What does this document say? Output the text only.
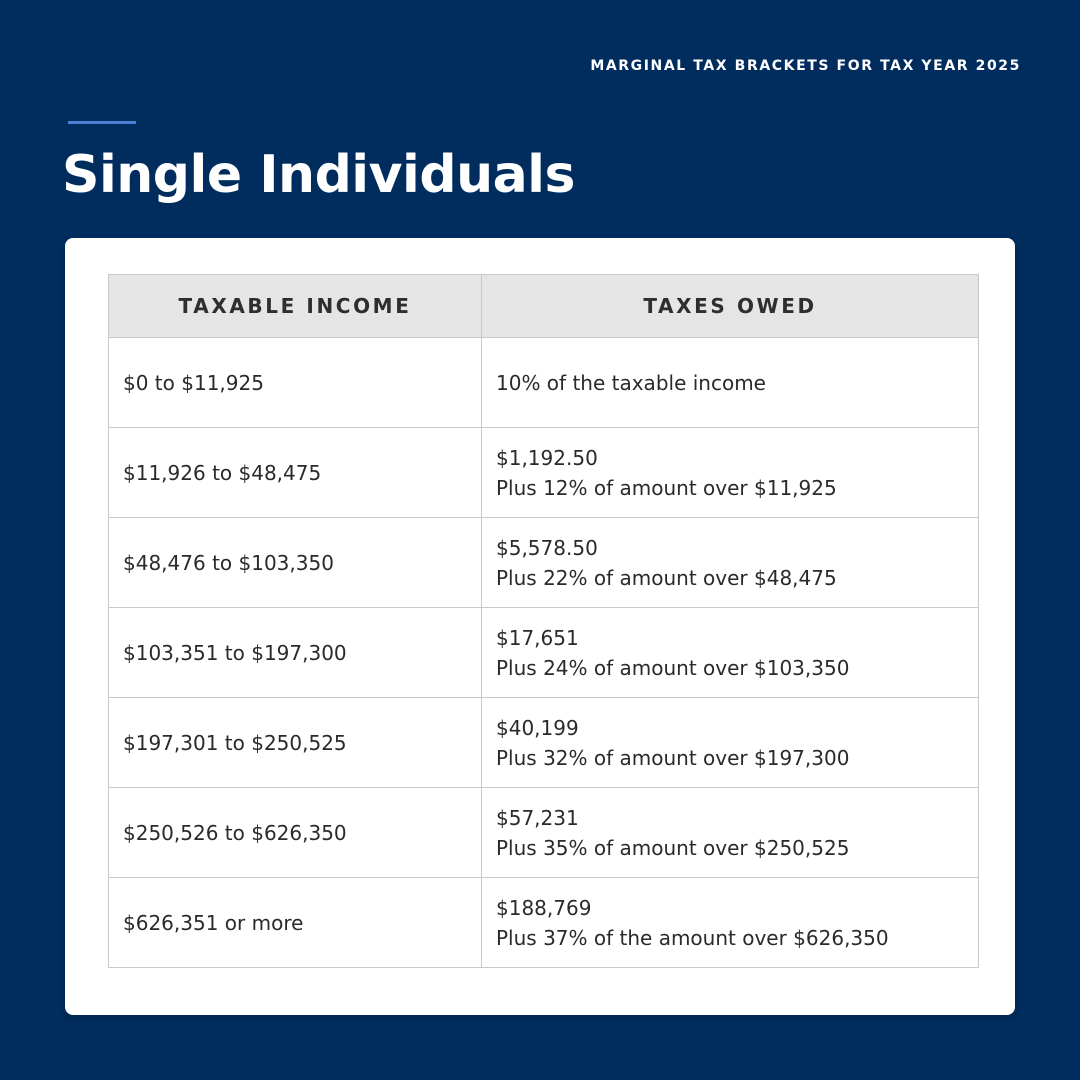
MARGINAL TAX BRACKETS FOR TAX YEAR 2025
Single Individuals
TAXABLE INCOME	TAXES OWED
$0 to $11,925	10% of the taxable income

$11,926 to $48,475	$1,192.50
Plus 12% of amount over $11,925

$48,476 to $103,350	$5,578.50
Plus 22% of amount over $48,475

$103,351 to $197,300	$17,651
Plus 24% of amount over $103,350

$197,301 to $250,525	$40,199
Plus 32% of amount over $197,300

$250,526 to $626,350	$57,231
Plus 35% of amount over $250,525

$626,351 or more	$188,769
Plus 37% of the amount over $626,350
